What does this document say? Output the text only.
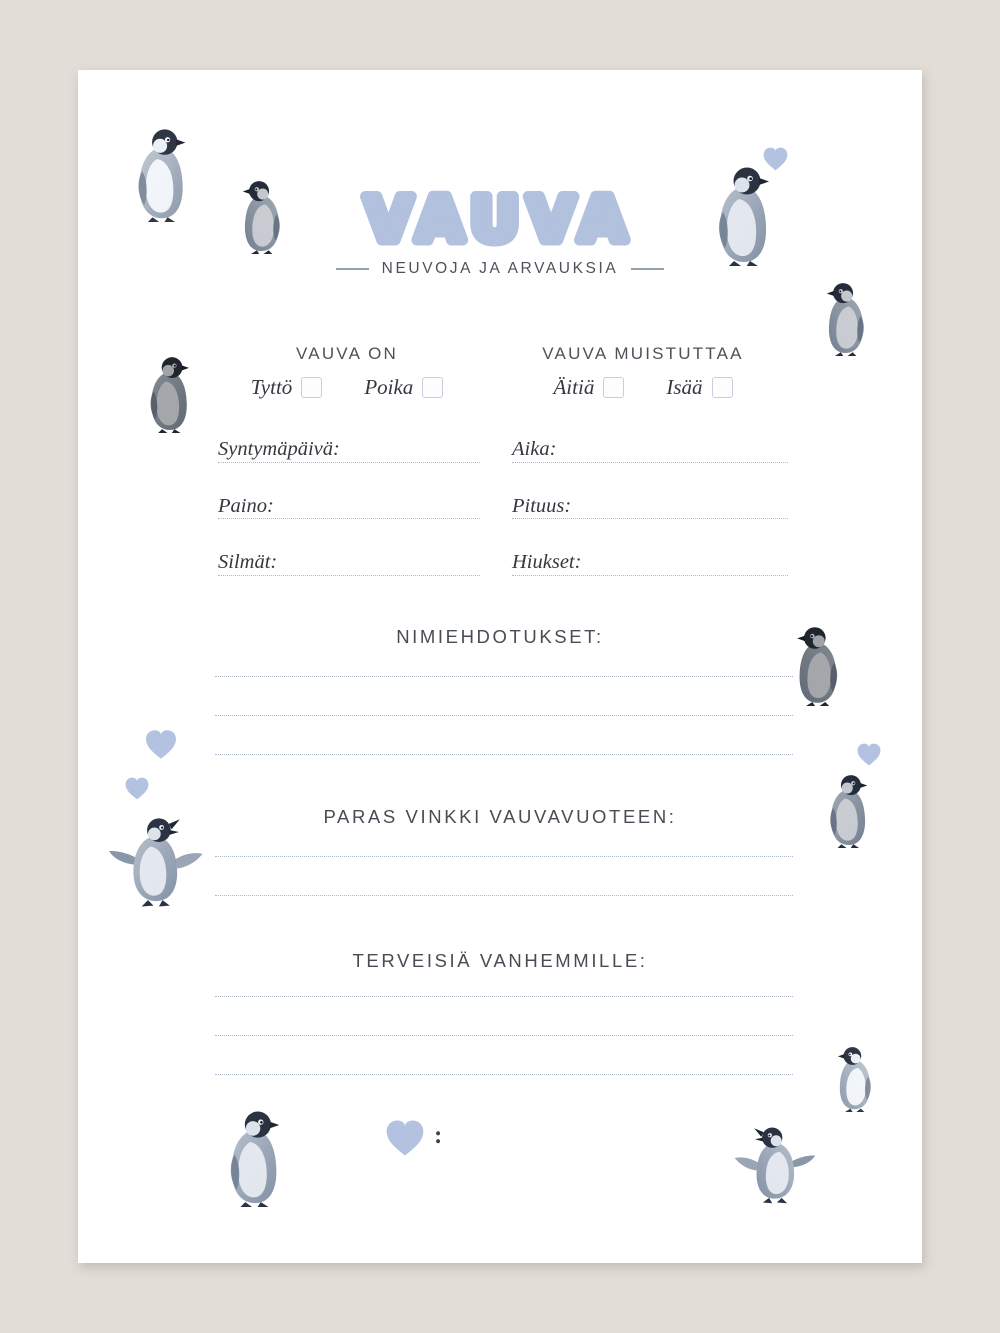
VAUVA
NEUVOJA JA ARVAUKSIA
VAUVA ON
Tyttö	Poika
VAUVA MUISTUTTAA
Äitiä	Isää
Syntymäpäivä:	Aika:
Paino:	Pituus:
Silmät:	Hiukset:
NIMIEHDOTUKSET:
PARAS VINKKI VAUVAVUOTEEN:
TERVEISIÄ VANHEMMILLE:
:
